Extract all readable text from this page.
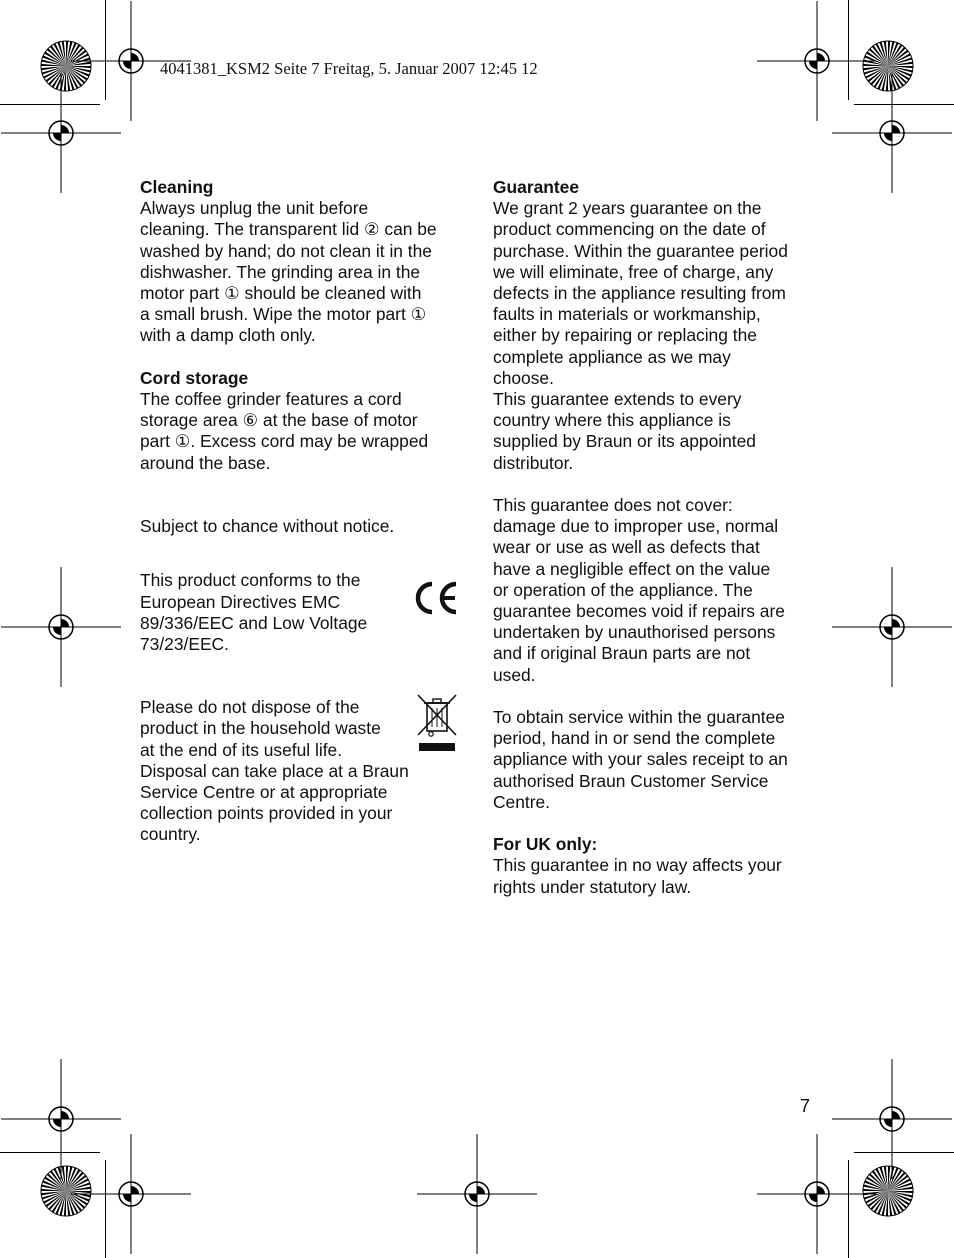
4041381_KSM2 Seite 7 Freitag, 5. Januar 2007 12:45 12
Cleaning

Always unplug the unit before
cleaning. The transparent lid ② can be
washed by hand; do not clean it in the
dishwasher. The grinding area in the
motor part ① should be cleaned with
a small brush. Wipe the motor part ①
with a damp cloth only.

Cord storage

The coffee grinder features a cord
storage area ⑥ at the base of motor
part ①. Excess cord may be wrapped
around the base.

Subject to chance without notice.

This product conforms to the
European Directives EMC
89/336/EEC and Low Voltage
73/23/EEC.

Please do not dispose of the
product in the household waste
at the end of its useful life.
Disposal can take place at a Braun
Service Centre or at appropriate
collection points provided in your
country.

Guarantee

We grant 2 years guarantee on the
product commencing on the date of
purchase. Within the guarantee period
we will eliminate, free of charge, any
defects in the appliance resulting from
faults in materials or workmanship,
either by repairing or replacing the
complete appliance as we may
choose.
This guarantee extends to every
country where this appliance is
supplied by Braun or its appointed
distributor.

This guarantee does not cover:
damage due to improper use, normal
wear or use as well as defects that
have a negligible effect on the value
or operation of the appliance. The
guarantee becomes void if repairs are
undertaken by unauthorised persons
and if original Braun parts are not
used.

To obtain service within the guarantee
period, hand in or send the complete
appliance with your sales receipt to an
authorised Braun Customer Service
Centre.

For UK only:

This guarantee in no way affects your
rights under statutory law.

7
